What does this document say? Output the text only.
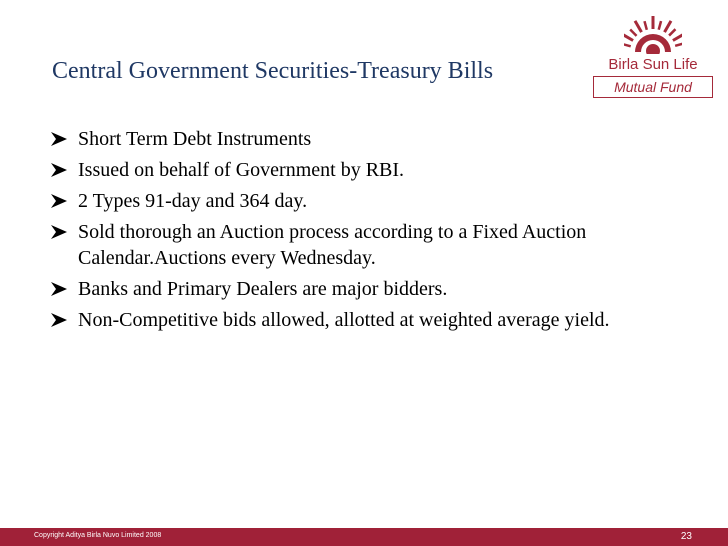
Central Government Securities-Treasury Bills	Birla Sun Life
Mutual Fund
Short Term Debt Instruments
Issued on behalf of Government by RBI.
2 Types 91-day and 364 day.
Sold thorough an Auction process according to a Fixed Auction Calendar.Auctions every Wednesday.
Banks and Primary Dealers are major bidders.
Non-Competitive bids allowed, allotted at weighted average yield.
Copyright Aditya Birla Nuvo Limited 2008	23
